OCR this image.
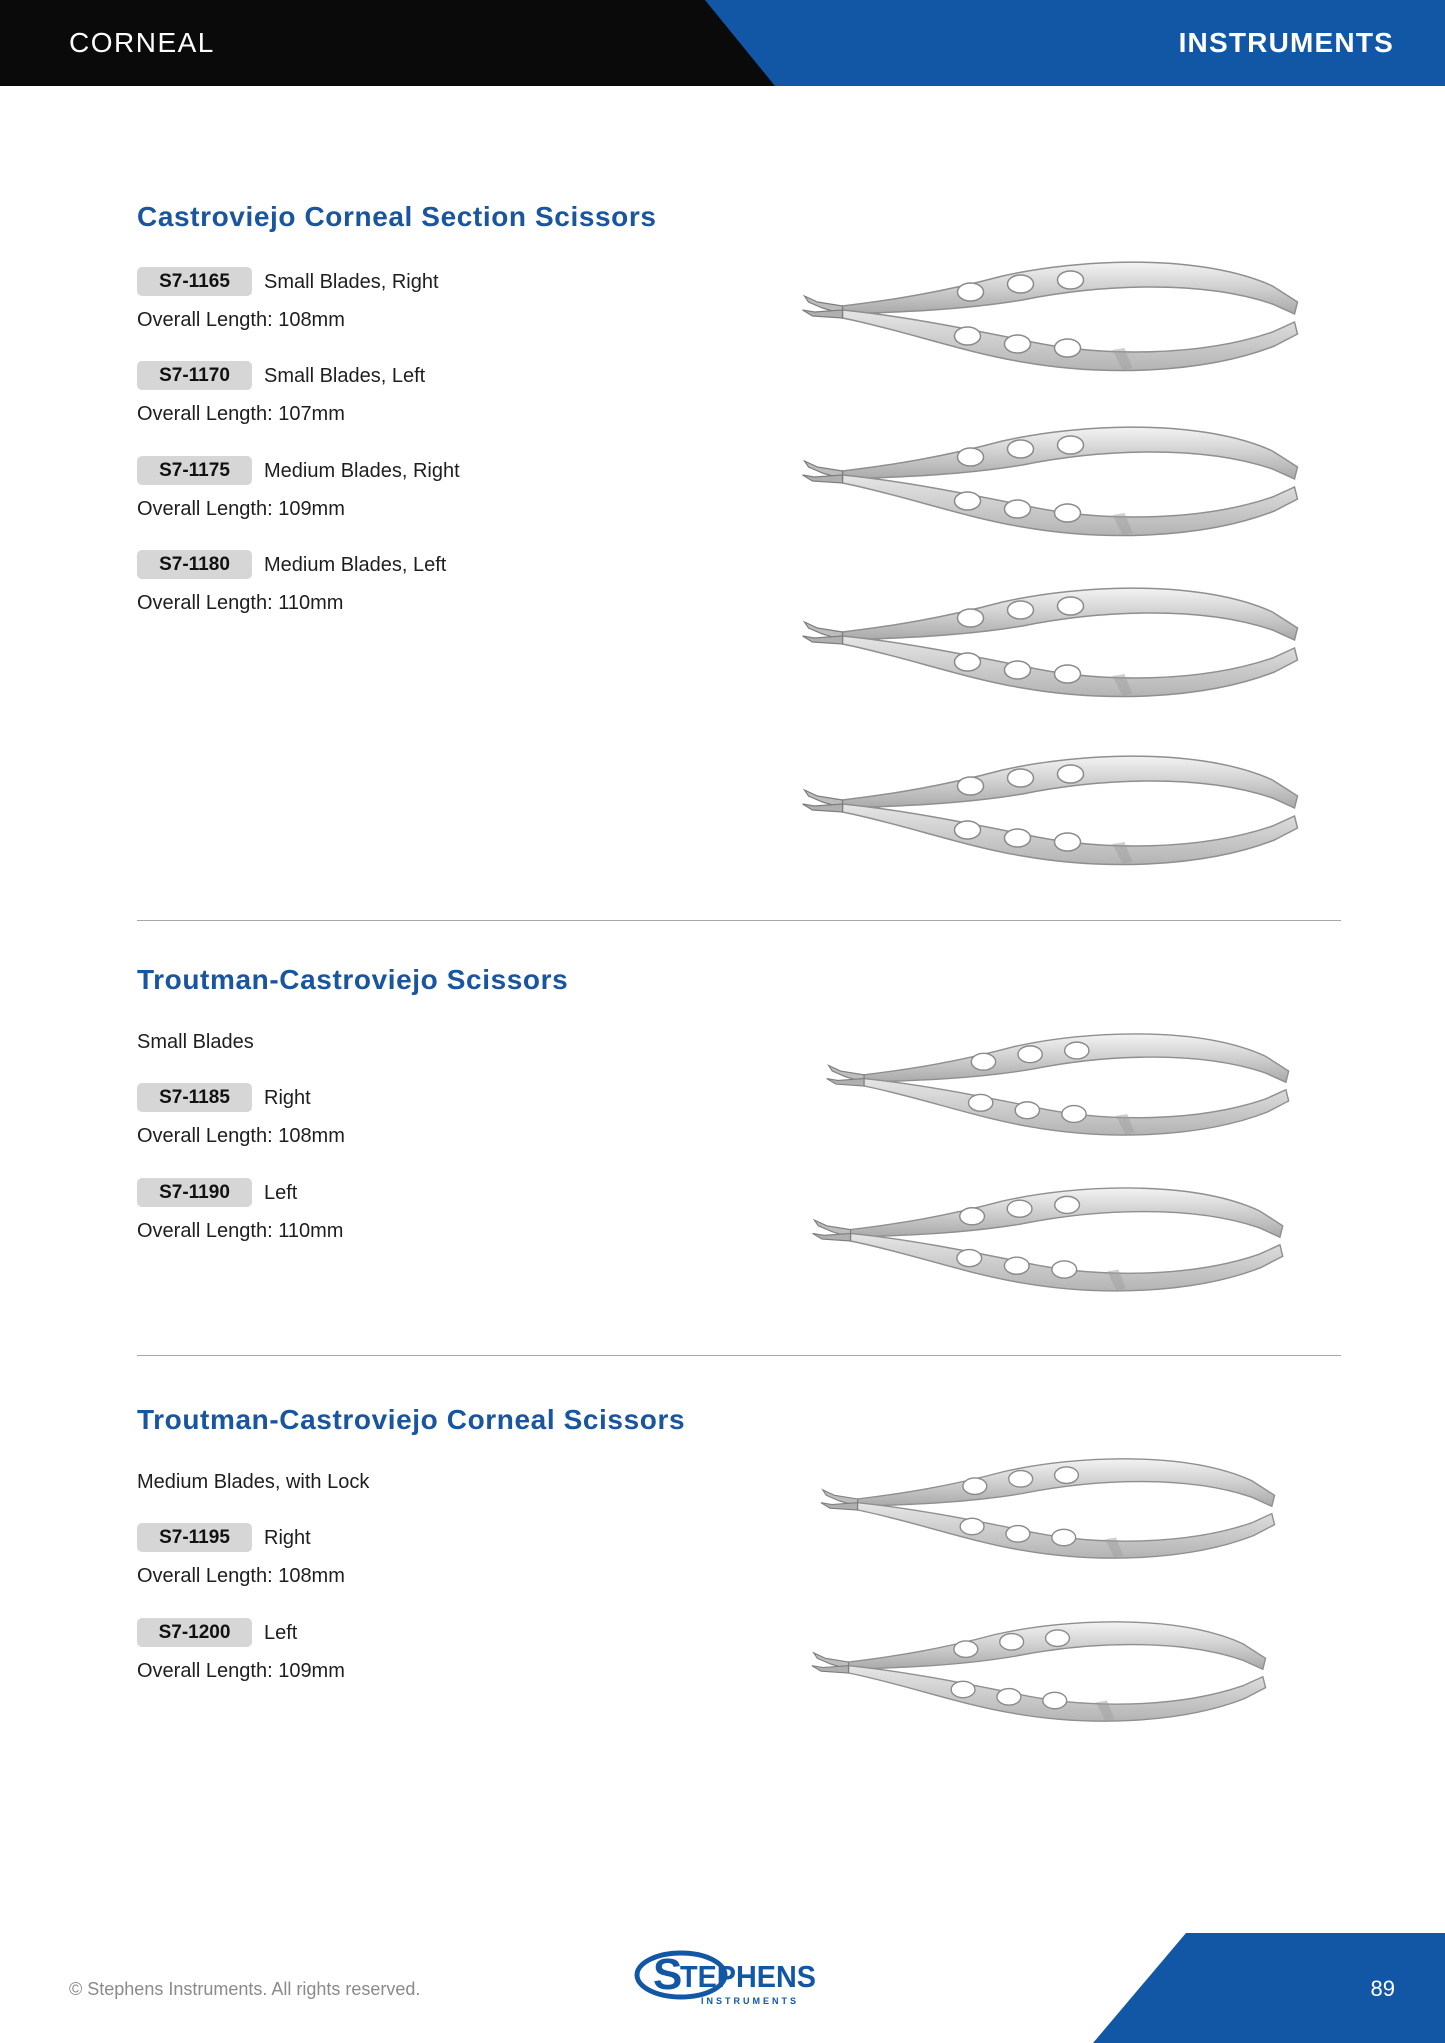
CORNEAL	INSTRUMENTS
Castroviejo Corneal Section Scissors
S7-1165 Small Blades, Right
Overall Length: 108mm
S7-1170 Small Blades, Left
Overall Length: 107mm
S7-1175 Medium Blades, Right
Overall Length: 109mm
S7-1180 Medium Blades, Left
Overall Length: 110mm
Troutman-Castroviejo Scissors
Small Blades
S7-1185 Right
Overall Length: 108mm
S7-1190 Left
Overall Length: 110mm
Troutman-Castroviejo Corneal Scissors
Medium Blades, with Lock
S7-1195 Right
Overall Length: 108mm
S7-1200 Left
Overall Length: 109mm
© Stephens Instruments. All rights reserved.	S
TEPHENS
INSTRUMENTS	89
